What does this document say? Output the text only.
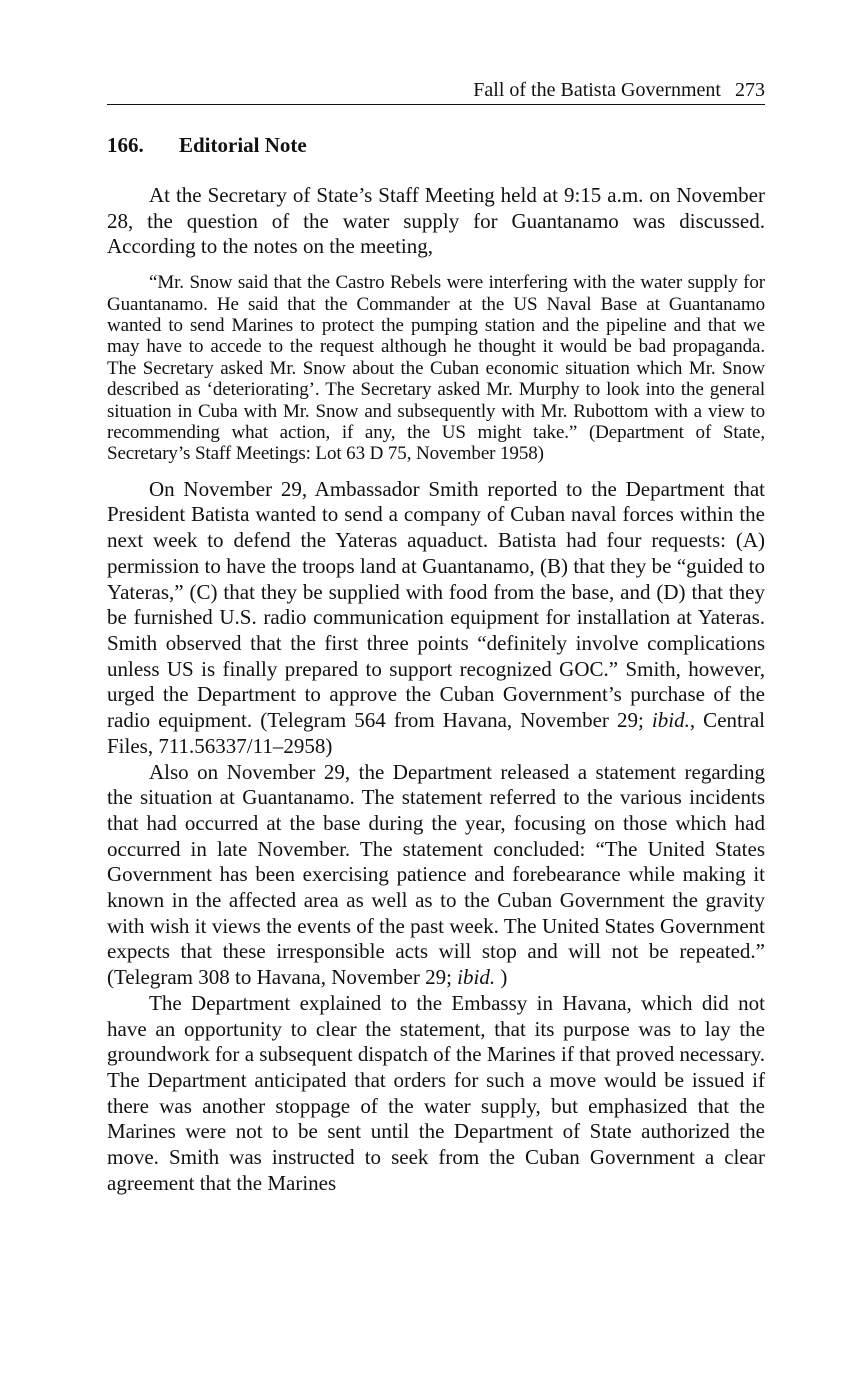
Fall of the Batista Government 273
166. Editorial Note

At the Secretary of State’s Staff Meeting held at 9:15 a.m. on November 28, the question of the water supply for Guantanamo was discussed. According to the notes on the meeting,

“Mr. Snow said that the Castro Rebels were interfering with the water supply for Guantanamo. He said that the Commander at the US Naval Base at Guantanamo wanted to send Marines to protect the pumping station and the pipeline and that we may have to accede to the request although he thought it would be bad propaganda. The Secretary asked Mr. Snow about the Cuban economic situation which Mr. Snow described as ‘deteriorating’. The Secretary asked Mr. Murphy to look into the general situation in Cuba with Mr. Snow and subsequently with Mr. Rubottom with a view to recommending what action, if any, the US might take.” (Department of State, Secretary’s Staff Meetings: Lot 63 D 75, November 1958)

On November 29, Ambassador Smith reported to the Department that President Batista wanted to send a company of Cuban naval forces within the next week to defend the Yateras aquaduct. Batista had four requests: (A) permission to have the troops land at Guantanamo, (B) that they be “guided to Yateras,” (C) that they be supplied with food from the base, and (D) that they be furnished U.S. radio communication equipment for installation at Yateras. Smith observed that the first three points “definitely involve complications unless US is finally prepared to support recognized GOC.” Smith, however, urged the Department to approve the Cuban Government’s purchase of the radio equipment. (Telegram 564 from Havana, November 29; ibid., Central Files, 711.56337/11–2958)

Also on November 29, the Department released a statement regarding the situation at Guantanamo. The statement referred to the various incidents that had occurred at the base during the year, focusing on those which had occurred in late November. The statement concluded: “The United States Government has been exercising patience and forebearance while making it known in the affected area as well as to the Cuban Government the gravity with wish it views the events of the past week. The United States Government expects that these irresponsible acts will stop and will not be repeated.” (Telegram 308 to Havana, November 29; ibid. )

The Department explained to the Embassy in Havana, which did not have an opportunity to clear the statement, that its purpose was to lay the groundwork for a subsequent dispatch of the Marines if that proved necessary. The Department anticipated that orders for such a move would be issued if there was another stoppage of the water supply, but emphasized that the Marines were not to be sent until the Department of State authorized the move. Smith was instructed to seek from the Cuban Government a clear agreement that the Marines
